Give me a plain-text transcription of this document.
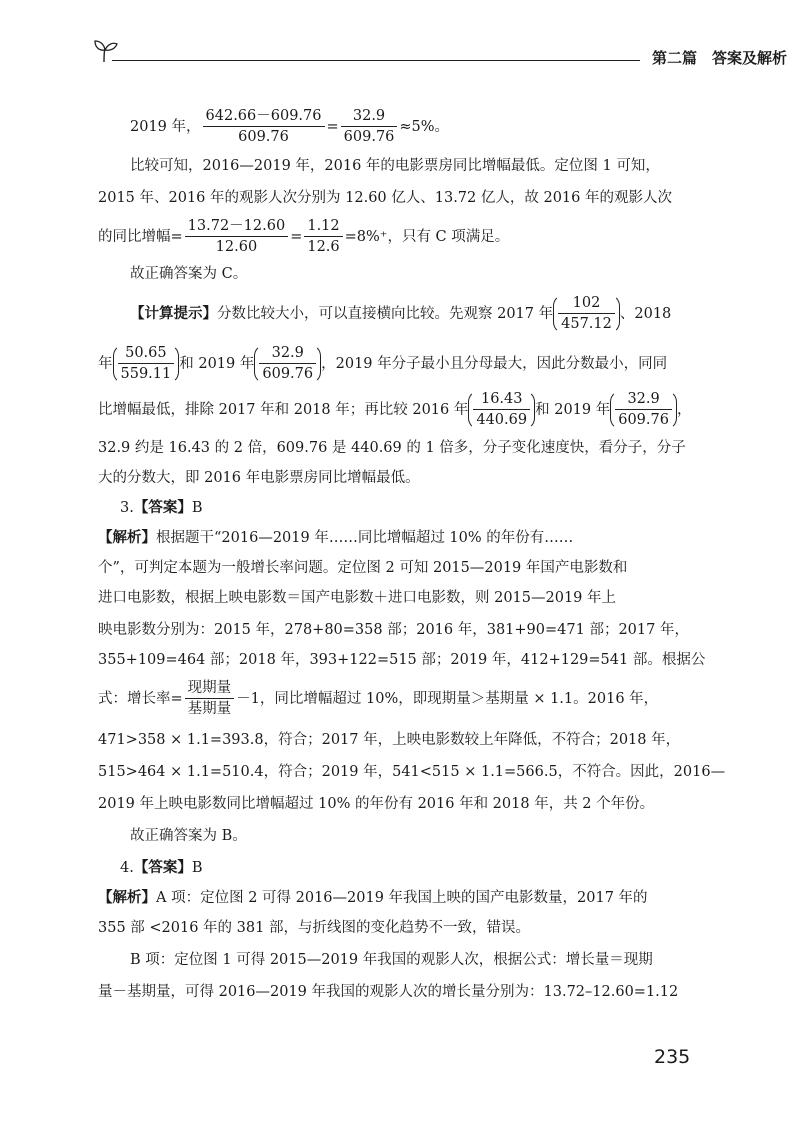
第二篇　答案及解析
2019 年， $\frac{642.66-609.76}{609.76} = \frac{32.9}{609.76} \approx 5\%$。
比较可知，2016—2019 年，2016 年的电影票房同比增幅最低。定位图 1 可知，
2015 年、2016 年的观影人次分别为 12.60 亿人、13.72 亿人，故 2016 年的观影人次
的同比增幅= $\frac{13.72-12.60}{12.60} = \frac{1.12}{12.6} =8\%^+$，只有 C 项满足。
故正确答案为 C。
【计算提示】分数比较大小，可以直接横向比较。先观察 2017 年 $\frac{102}{457.12}$ 、2018
年 $\frac{50.65}{559.11}$ 和 2019 年 $\frac{32.9}{609.76}$ ，2019 年分子最小且分母最大，因此分数最小，同同
比增幅最低，排除 2017 年和 2018 年；再比较 2016 年 $\frac{16.43}{440.69}$ 和 2019 年 $\frac{32.9}{609.76}$ ，
32.9 约是 16.43 的 2 倍，609.76 是 440.69 的 1 倍多，分子变化速度快，看分子，分子
大的分数大，即 2016 年电影票房同比增幅最低。
3.【答案】B
【解析】根据题干“2016—2019 年……同比增幅超过 10% 的年份有……
个”，可判定本题为一般增长率问题。定位图 2 可知 2015—2019 年国产电影数和
进口电影数，根据上映电影数＝国产电影数＋进口电影数，则 2015—2019 年上
映电影数分别为：2015 年，278+80=358 部；2016 年，381+90=471 部；2017 年，
355+109=464 部；2018 年，393+122=515 部；2019 年，412+129=541 部。根据公
式：增长率= $\frac{\text{现期量}}{\text{基期量}} -1$，同比增幅超过 10%，即现期量＞基期量 × 1.1。2016 年，
471>358 × 1.1=393.8，符合；2017 年，上映电影数较上年降低，不符合；2018 年，
515>464 × 1.1=510.4，符合；2019 年，541<515 × 1.1=566.5，不符合。因此，2016—
2019 年上映电影数同比增幅超过 10% 的年份有 2016 年和 2018 年，共 2 个年份。
故正确答案为 B。
4.【答案】B
【解析】A 项：定位图 2 可得 2016—2019 年我国上映的国产电影数量，2017 年的
355 部 <2016 年的 381 部，与折线图的变化趋势不一致，错误。
B 项：定位图 1 可得 2015—2019 年我国的观影人次，根据公式：增长量＝现期
量－基期量，可得 2016—2019 年我国的观影人次的增长量分别为：13.72–12.60=1.12
235
